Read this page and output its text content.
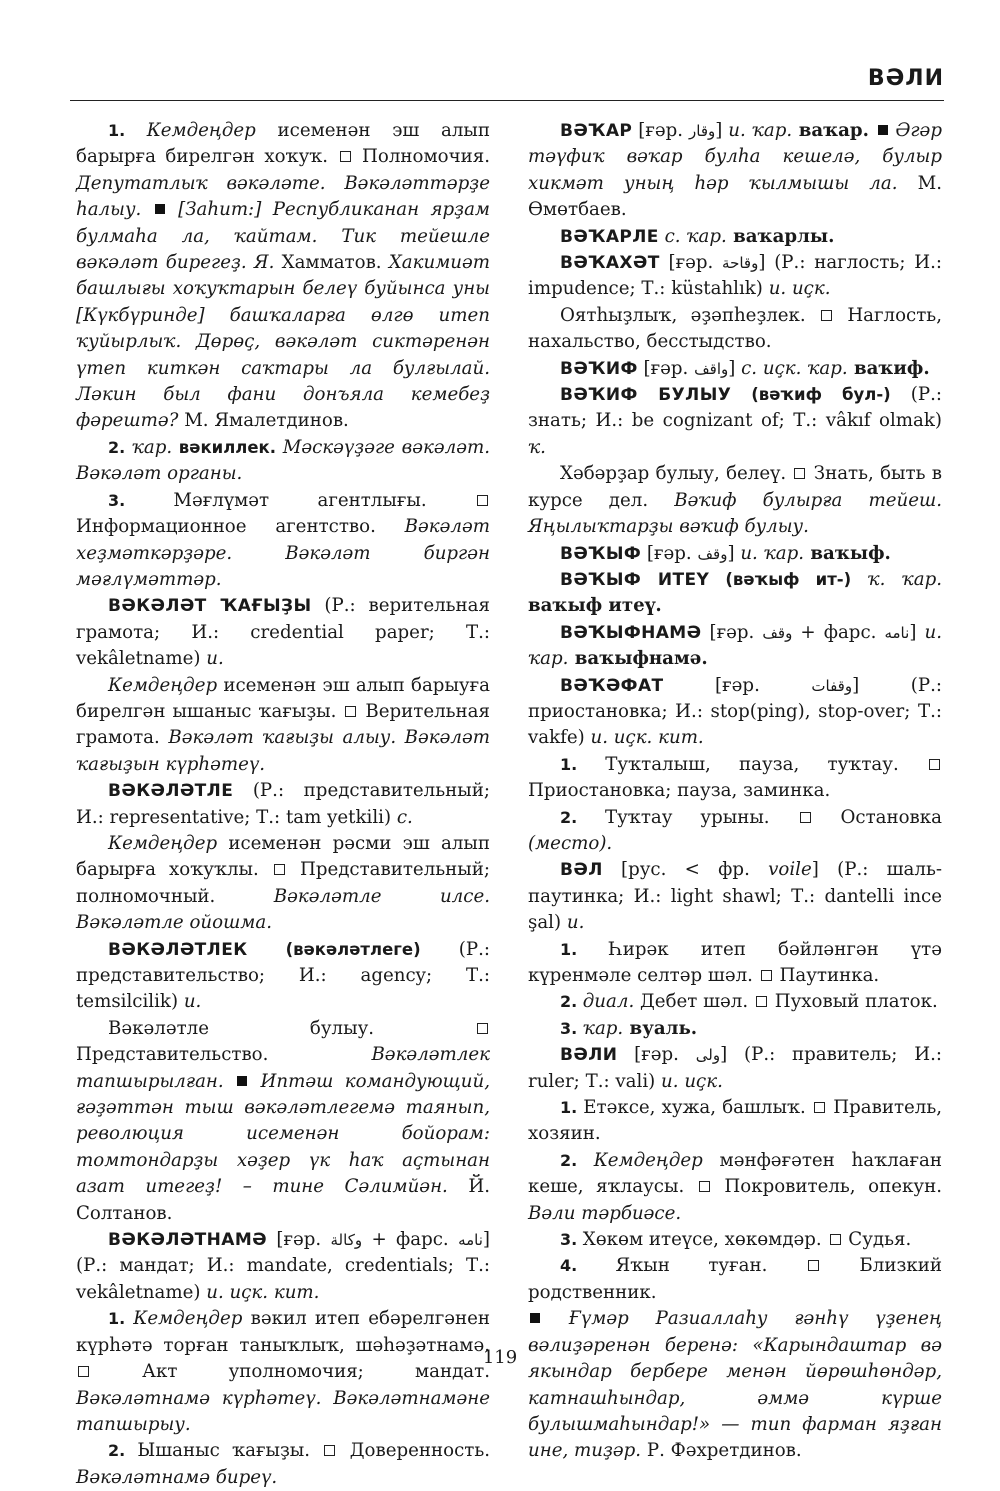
ВӘЛИ

1. Кемдеңдер исеменән эш алып барырға бирелгән хоҡуҡ.  Полномочия. Депутатлыҡ вәкәләте. Вәкәләттәрҙе һалыу.  [Заһит:] Республиканан ярҙам булмаһа ла, ҡайтам. Тик тейешле вәкәләт бирегеҙ. Я. Хамматов. Хакимиәт башлығы хоҡуҡтарын белеү буйынса уны [Күкбүринде] башҡаларға өлгө итеп ҡуйырлыҡ. Дөрөҫ, вәкәләт сиктәренән үтеп киткән саҡтары ла булғылай. Ләкин был фани донъяла кемебеҙ фәрештә? М. Ямалетдинов.

2. ҡар. вәкиллек. Мәскәүҙәге вәкәләт. Вәкәләт органы.

3. Мәғлүмәт агентлығы.  Информационное агентство. Вәкәләт хеҙмәткәрҙәре. Вәкәләт биргән мәғлүмәттәр.

ВӘКӘЛӘТ ҠАҒЫҘЫ (Р.: верительная грамота; И.: credential paper; Т.: vekâletname) и.

Кемдеңдер исеменән эш алып барыуға бирелгән ышаныс ҡағыҙы.  Верительная грамота. Вәкәләт ҡағыҙы алыу. Вәкәләт ҡағыҙын күрһәтеү.

ВӘКӘЛӘТЛЕ (Р.: представительный; И.: representative; Т.: tam yetkili) с.

Кемдеңдер исеменән рәсми эш алып барырға хоҡуҡлы.  Представительный; полномочный. Вәкәләтле илсе. Вәкәләтле ойошма.

ВӘКӘЛӘТЛЕК (вәкәләтлеге) (Р.: представительство; И.: agency; Т.: temsilcilik) и.

Вәкәләтле булыу.  Представительство. Вәкәләтлек тапшырылған.  Иптәш командующий, ғәҙәттән тыш вәкәләтлегемә таянып, революция исеменән бойорам: томтондарҙы хәҙер үк һаҡ аҫтынан азат итегеҙ! – тине Сәлимйән. Й. Солтанов.

ВӘКӘЛӘТНАМӘ [ғәр. وكالة + фарс. نامه] (Р.: мандат; И.: mandate, credentials; Т.: vekâletname) и. иҫк. кит.

1. Кемдеңдер вәкил итеп ебәрелгәнен күрһәтә торған таныҡлыҡ, шәһәҙәтнамә.  Акт уполномочия; мандат. Вәкәләтнамә күрһәтеү. Вәкәләтнамәне тапшырыу.

2. Ышаныс ҡағыҙы.  Доверенность. Вәкәләтнамә биреү.

ВӘҠАР [ғәр. وقار] и. ҡар. ваҡар.  Әгәр тәүфиҡ вәҡар булһа кешелә, булыр хикмәт уның һәр ҡылмышы ла. М. Өмөтбаев.

ВӘҠАРЛЕ с. ҡар. ваҡарлы.

ВӘҠАХӘТ [ғәр. وقاحة] (Р.: наглость; И.: impudence; Т.: küstahlık) и. иҫк.

Оятһыҙлыҡ, әҙәпһеҙлек.  Наглость, нахальство, бесстыдство.

ВӘҠИФ [ғәр. واقف] с. иҫк. ҡар. ваҡиф.

ВӘҠИФ БУЛЫУ (вәҡиф бул-) (Р.: знать; И.: be cognizant of; Т.: vâkıf olmak) ҡ.

Хәбәрҙар булыу, белеү.  Знать, быть в курсе дел. Вәҡиф булырға тейеш. Яңылыҡтарҙы вәҡиф булыу.

ВӘҠЫФ [ғәр. وقف] и. ҡар. ваҡыф.

ВӘҠЫФ ИТЕҮ (вәҡыф ит-) ҡ. ҡар. ваҡыф итеү.

ВӘҠЫФНАМӘ [ғәр. وقف + фарс. نامه] и. ҡар. ваҡыфнамә.

ВӘҠӘФАТ [ғәр. وقفات] (Р.: приостановка; И.: stop(ping), stop-over; Т.: vakfe) и. иҫк. кит.

1. Туҡталыш, пауза, туҡтау.  Приостановка; пауза, заминка.

2. Туҡтау урыны.  Остановка (место).

ВӘЛ [рус. < фр. voile] (Р.: шаль-паутинка; И.: light shawl; Т.: dantelli ince şal) и.

1. Һирәк итеп бәйләнгән үтә күренмәле селтәр шәл.  Паутинка.

2. диал. Дебет шәл.  Пуховый платок.

3. ҡар. вуаль.

ВӘЛИ [ғәр. ولى] (Р.: правитель; И.: ruler; Т.: vali) и. иҫк.

1. Етәксе, хужа, башлыҡ.  Правитель, хозяин.

2. Кемдеңдер мәнфәғәтен һаҡлаған кеше, яҡлаусы.  Покровитель, опекун. Вәли тәрбиәсе.

3. Хөкөм итеүсе, хөкөмдәр.  Судья.

4. Яҡын туған.  Близкий родственник.

Ғүмәр Разиаллаһу ғәнһү үҙенең вәлиҙәренән беренә: «Карындаштар вә якындар бербере менән йөрөшһөндәр, катнашһындар, әммә күрше булышмаһындар!» — тип фарман яҙған ине, тиҙәр. Р. Фәхретдинов.

119
